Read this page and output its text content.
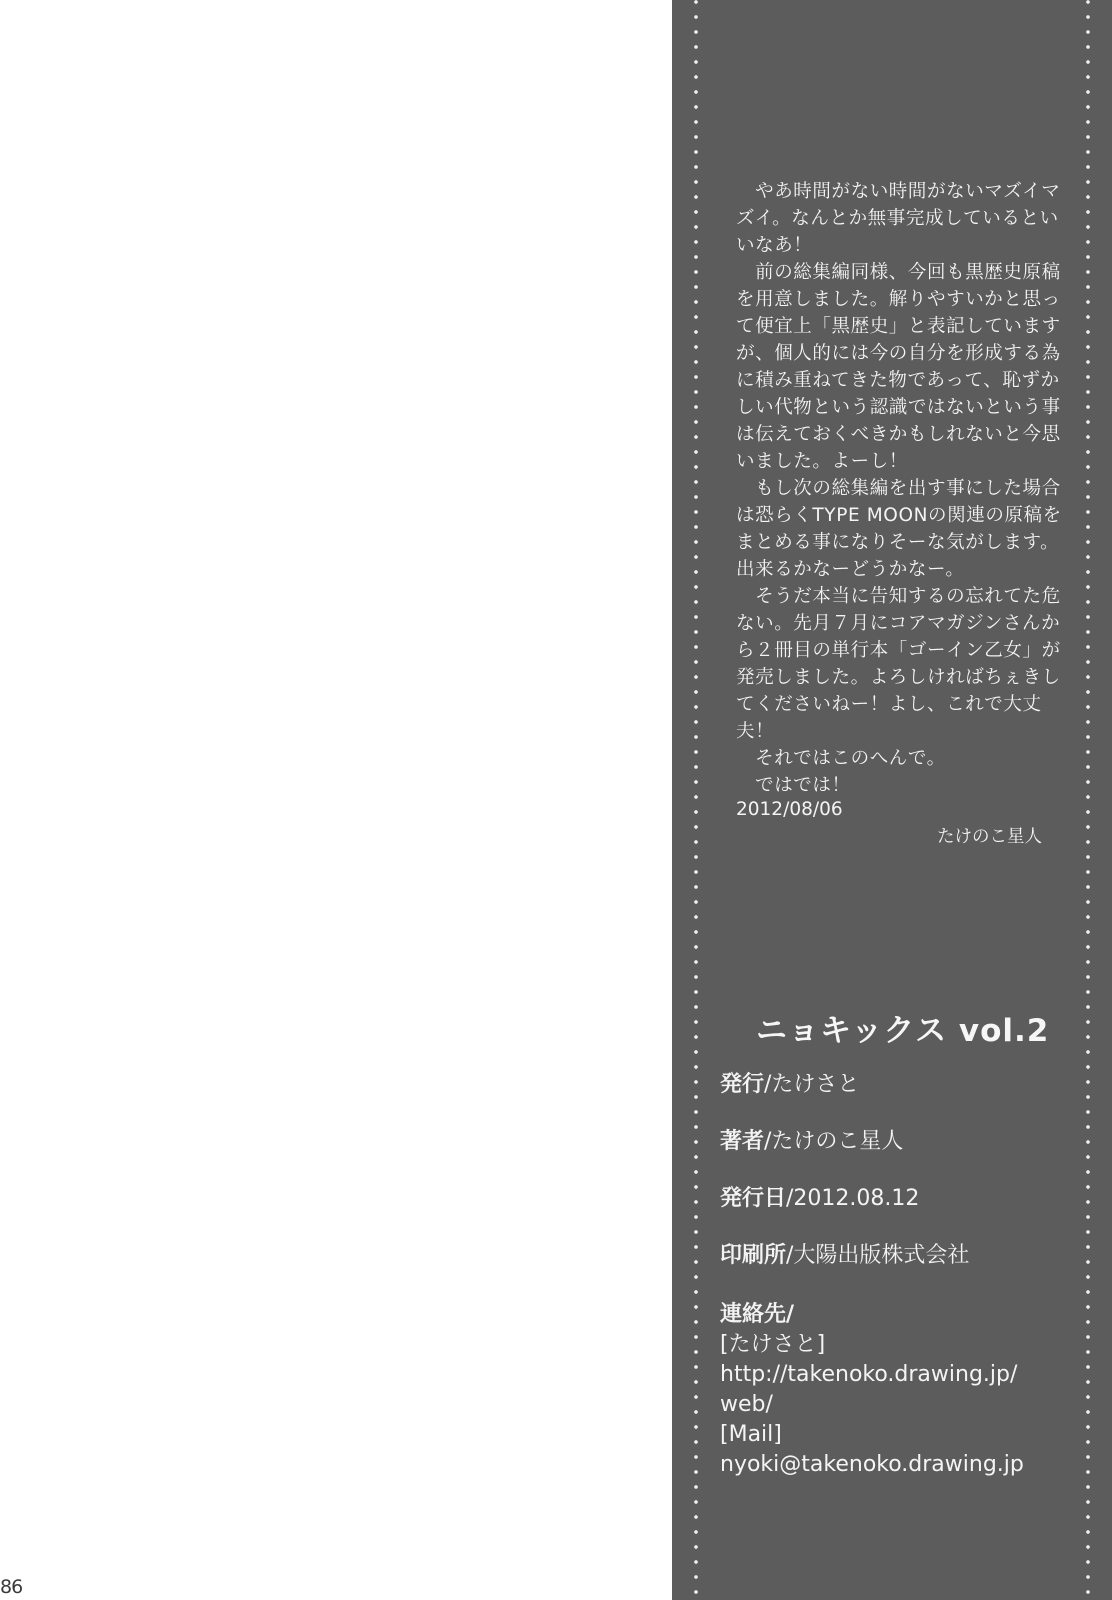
　やあ時間がない時間がないマズイマズイ。なんとか無事完成しているといいなあ！

　前の総集編同様、今回も黒歴史原稿を用意しました。解りやすいかと思って便宜上「黒歴史」と表記していますが、個人的には今の自分を形成する為に積み重ねてきた物であって、恥ずかしい代物という認識ではないという事は伝えておくべきかもしれないと今思いました。よーし！

　もし次の総集編を出す事にした場合は恐らくTYPE MOONの関連の原稿をまとめる事になりそーな気がします。出来るかなーどうかなー。

　そうだ本当に告知するの忘れてた危ない。先月７月にコアマガジンさんから２冊目の単行本「ゴーイン乙女」が発売しました。よろしければちぇきしてくださいねー！よし、これで大丈夫！

　それではこのへんで。

　ではでは！

2012/08/06
たけのこ星人
ニョキックス vol.2
発行/たけさと
著者/たけのこ星人
発行日/2012.08.12
印刷所/大陽出版株式会社
連絡先/
[たけさと]
http://takenoko.drawing.jp/
web/
[Mail]
nyoki@takenoko.drawing.jp
86
